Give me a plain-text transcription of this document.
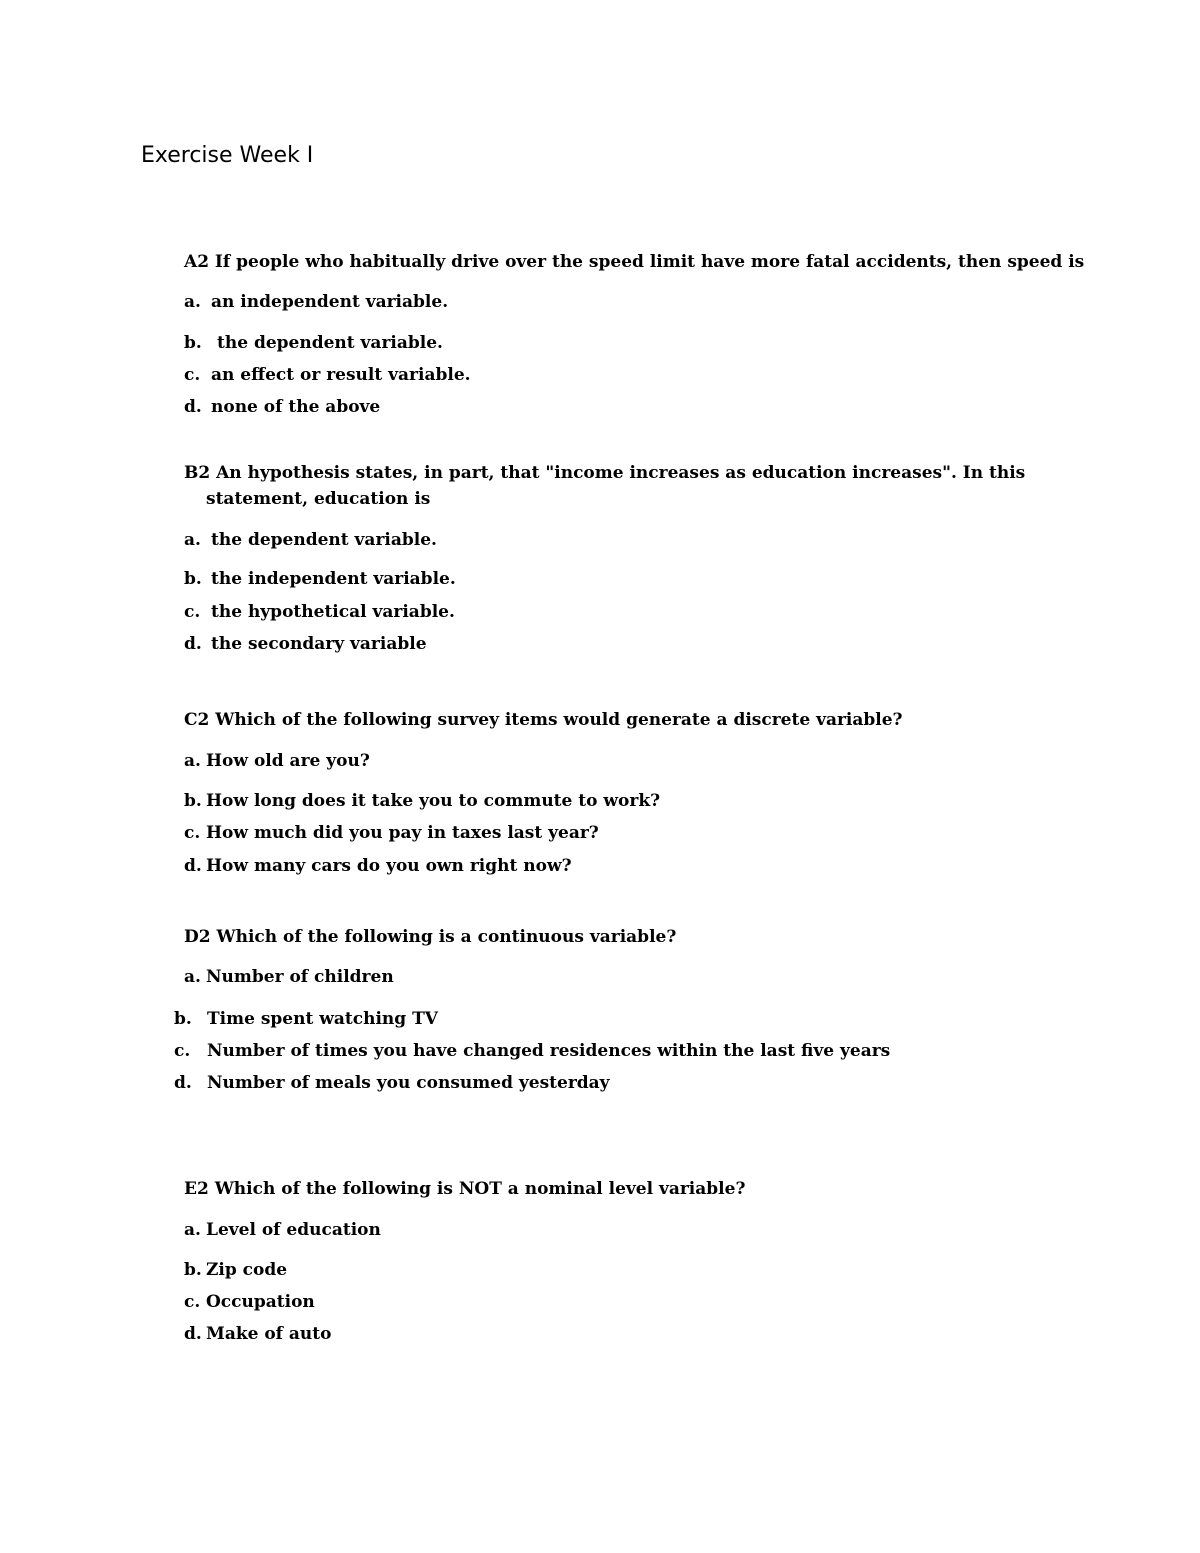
Exercise Week I
A2 If people who habitually drive over the speed limit have more fatal accidents, then speed is
a. an independent variable.
b. the dependent variable.
c. an effect or result variable.
d. none of the above
B2 An hypothesis states, in part, that "income increases as education increases". In this
statement, education is
a. the dependent variable.
b. the independent variable.
c. the hypothetical variable.
d. the secondary variable
C2 Which of the following survey items would generate a discrete variable?
a. How old are you?
b. How long does it take you to commute to work?
c. How much did you pay in taxes last year?
d. How many cars do you own right now?
D2 Which of the following is a continuous variable?
a. Number of children
b. Time spent watching TV
c. Number of times you have changed residences within the last five years
d. Number of meals you consumed yesterday
E2 Which of the following is NOT a nominal level variable?
a. Level of education
b. Zip code
c. Occupation
d. Make of auto
